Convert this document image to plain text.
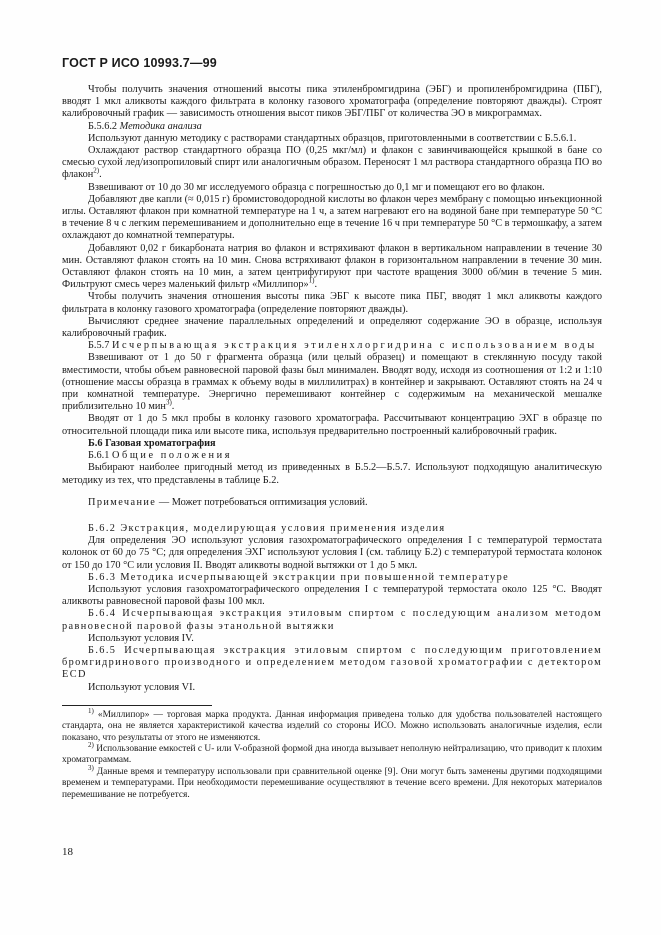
ГОСТ Р ИСО 10993.7—99

Чтобы получить значения отношений высоты пика этиленбромгидрина (ЭБГ) и пропиленбромгидрина (ПБГ), вводят 1 мкл аликвоты каждого фильтрата в колонку газового хроматографа (определение повторяют дважды). Строят калибровочный график — зависимость отношения высот пиков ЭБГ/ПБГ от количества ЭО в микрограммах.

Б.5.6.2 Методика анализа

Используют данную методику с растворами стандартных образцов, приготовленными в соответствии с Б.5.6.1.

Охлаждают раствор стандартного образца ПО (0,25 мкг/мл) и флакон с завинчивающейся крышкой в бане со смесью сухой лед/изопропиловый спирт или аналогичным образом. Переносят 1 мл раствора стандартного образца ПО во флакон$^{2)}$.

Взвешивают от 10 до 30 мг исследуемого образца с погрешностью до 0,1 мг и помещают его во флакон.

Добавляют две капли (≈ 0,015 г) бромистоводородной кислоты во флакон через мембрану с помощью инъекционной иглы. Оставляют флакон при комнатной температуре на 1 ч, а затем нагревают его на водяной бане при температуре 50 °С в течение 8 ч с легким перемешиванием и дополнительно еще в течение 16 ч при температуре 50 °С в термошкафу, а затем охлаждают до комнатной температуры.

Добавляют 0,02 г бикарбоната натрия во флакон и встряхивают флакон в вертикальном направлении в течение 30 мин. Оставляют флакон стоять на 10 мин. Снова встряхивают флакон в горизонтальном направлении в течение 30 мин. Оставляют флакон стоять на 10 мин, а затем центрифугируют при частоте вращения 3000 об/мин в течение 5 мин. Фильтруют смесь через маленький фильтр «Миллипор»$^{1)}$.

Чтобы получить значения отношения высоты пика ЭБГ к высоте пика ПБГ, вводят 1 мкл аликвоты каждого фильтрата в колонку газового хроматографа (определение повторяют дважды).

Вычисляют среднее значение параллельных определений и определяют содержание ЭО в образце, используя калибровочный график.

Б.5.7 Исчерпывающая экстракция этиленхлоргидрина с использованием воды

Взвешивают от 1 до 50 г фрагмента образца (или целый образец) и помещают в стеклянную посуду такой вместимости, чтобы объем равновесной паровой фазы был минимален. Вводят воду, исходя из соотношения от 1:2 и 1:10 (отношение массы образца в граммах к объему воды в миллилитрах) в контейнер и закрывают. Оставляют стоять на 24 ч при комнатной температуре. Энергично перемешивают контейнер с содержимым на механической мешалке приблизительно 10 мин$^{3)}$.

Вводят от 1 до 5 мкл пробы в колонку газового хроматографа. Рассчитывают концентрацию ЭХГ в образце по относительной площади пика или высоте пика, используя предварительно построенный калибровочный график.

Б.6 Газовая хроматография

Б.6.1 Общие положения

Выбирают наиболее пригодный метод из приведенных в Б.5.2—Б.5.7. Используют подходящую аналитическую методику из тех, что представлены в таблице Б.2.

Примечание — Может потребоваться оптимизация условий.

Б.6.2 Экстракция, моделирующая условия применения изделия

Для определения ЭО используют условия газохроматографического определения I с температурой термостата колонок от 60 до 75 °С; для определения ЭХГ используют условия I (см. таблицу Б.2) с температурой термостата колонок от 150 до 170 °С или условия II. Вводят аликвоты водной вытяжки от 1 до 5 мкл.

Б.6.3 Методика исчерпывающей экстракции при повышенной температуре

Используют условия газохроматографического определения I с температурой термостата около 125 °С. Вводят аликвоты равновесной паровой фазы 100 мкл.

Б.6.4 Исчерпывающая экстракция этиловым спиртом с последующим анализом методом равновесной паровой фазы этанольной вытяжки

Используют условия IV.

Б.6.5 Исчерпывающая экстракция этиловым спиртом с последующим приготовлением бромгидринового производного и определением методом газовой хроматографии с детектором ECD

Используют условия VI.

$^{1)}$ «Миллипор» — торговая марка продукта. Данная информация приведена только для удобства пользователей настоящего стандарта, она не является характеристикой качества изделий со стороны ИСО. Можно использовать аналогичные изделия, если показано, что результаты от этого не изменяются.

$^{2)}$ Использование емкостей с U- или V-образной формой дна иногда вызывает неполную нейтрализацию, что приводит к плохим хроматограммам.

$^{3)}$ Данные время и температуру использовали при сравнительной оценке [9]. Они могут быть заменены другими подходящими временем и температурами. При необходимости перемешивание осуществляют в течение всего времени. Для некоторых материалов перемешивание не потребуется.

18
